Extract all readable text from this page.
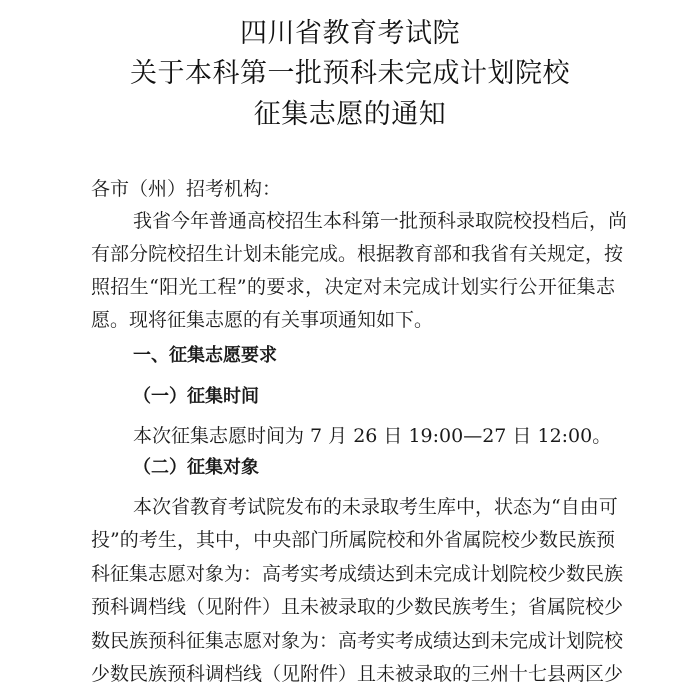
四川省教育考试院
关于本科第一批预科未完成计划院校
征集志愿的通知
各市（州）招考机构：
我省今年普通高校招生本科第一批预科录取院校投档后，尚
有部分院校招生计划未能完成。根据教育部和我省有关规定，按
照招生“阳光工程”的要求，决定对未完成计划实行公开征集志
愿。现将征集志愿的有关事项通知如下。
一、征集志愿要求
（一）征集时间
本次征集志愿时间为 7 月 26 日 19:00—27 日 12:00。
（二）征集对象
本次省教育考试院发布的未录取考生库中，状态为“自由可
投”的考生，其中，中央部门所属院校和外省属院校少数民族预
科征集志愿对象为：高考实考成绩达到未完成计划院校少数民族
预科调档线（见附件）且未被录取的少数民族考生；省属院校少
数民族预科征集志愿对象为：高考实考成绩达到未完成计划院校
少数民族预科调档线（见附件）且未被录取的三州十七县两区少
